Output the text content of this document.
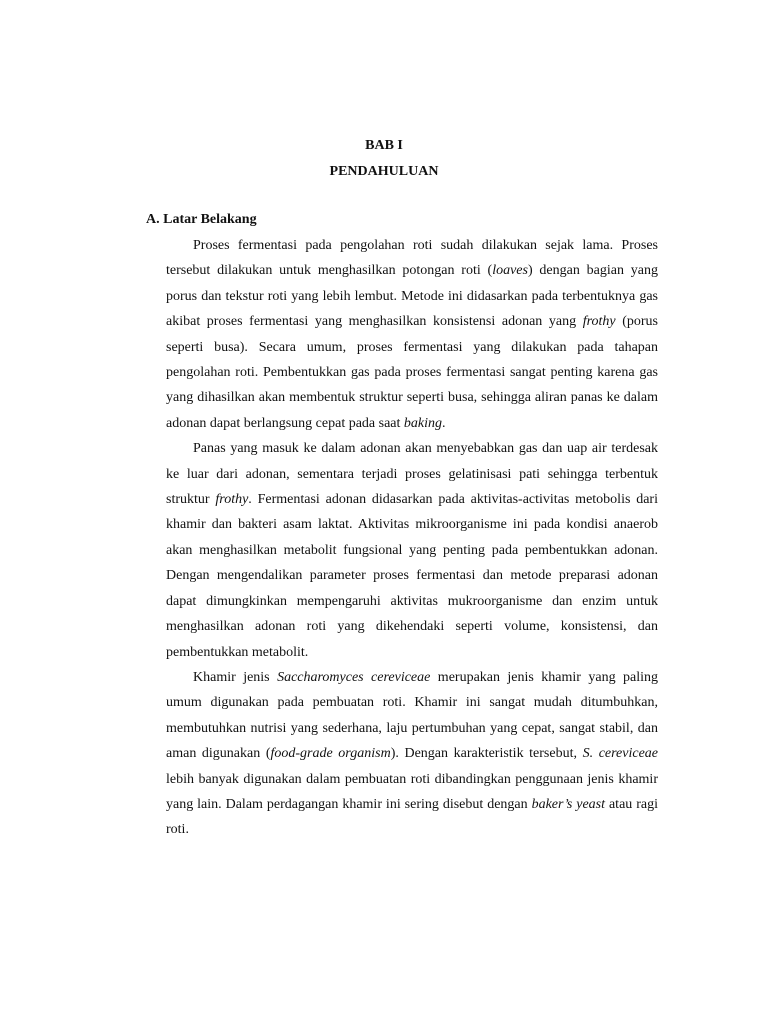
BAB I
PENDAHULUAN
A. Latar Belakang

Proses fermentasi pada pengolahan roti sudah dilakukan sejak lama. Proses tersebut dilakukan untuk menghasilkan potongan roti (loaves) dengan bagian yang porus dan tekstur roti yang lebih lembut. Metode ini didasarkan pada terbentuknya gas akibat proses fermentasi yang menghasilkan konsistensi adonan yang frothy (porus seperti busa). Secara umum, proses fermentasi yang dilakukan pada tahapan pengolahan roti. Pembentukkan gas pada proses fermentasi sangat penting karena gas yang dihasilkan akan membentuk struktur seperti busa, sehingga aliran panas ke dalam adonan dapat berlangsung cepat pada saat baking.

Panas yang masuk ke dalam adonan akan menyebabkan gas dan uap air terdesak ke luar dari adonan, sementara terjadi proses gelatinisasi pati sehingga terbentuk struktur frothy. Fermentasi adonan didasarkan pada aktivitas-activitas metobolis dari khamir dan bakteri asam laktat. Aktivitas mikroorganisme ini pada kondisi anaerob akan menghasilkan metabolit fungsional yang penting pada pembentukkan adonan. Dengan mengendalikan parameter proses fermentasi dan metode preparasi adonan dapat dimungkinkan mempengaruhi aktivitas mukroorganisme dan enzim untuk menghasilkan adonan roti yang dikehendaki seperti volume, konsistensi, dan pembentukkan metabolit.

Khamir jenis Saccharomyces cereviceae merupakan jenis khamir yang paling umum digunakan pada pembuatan roti. Khamir ini sangat mudah ditumbuhkan, membutuhkan nutrisi yang sederhana, laju pertumbuhan yang cepat, sangat stabil, dan aman digunakan (food-grade organism). Dengan karakteristik tersebut, S. cereviceae lebih banyak digunakan dalam pembuatan roti dibandingkan penggunaan jenis khamir yang lain. Dalam perdagangan khamir ini sering disebut dengan baker’s yeast atau ragi roti.
